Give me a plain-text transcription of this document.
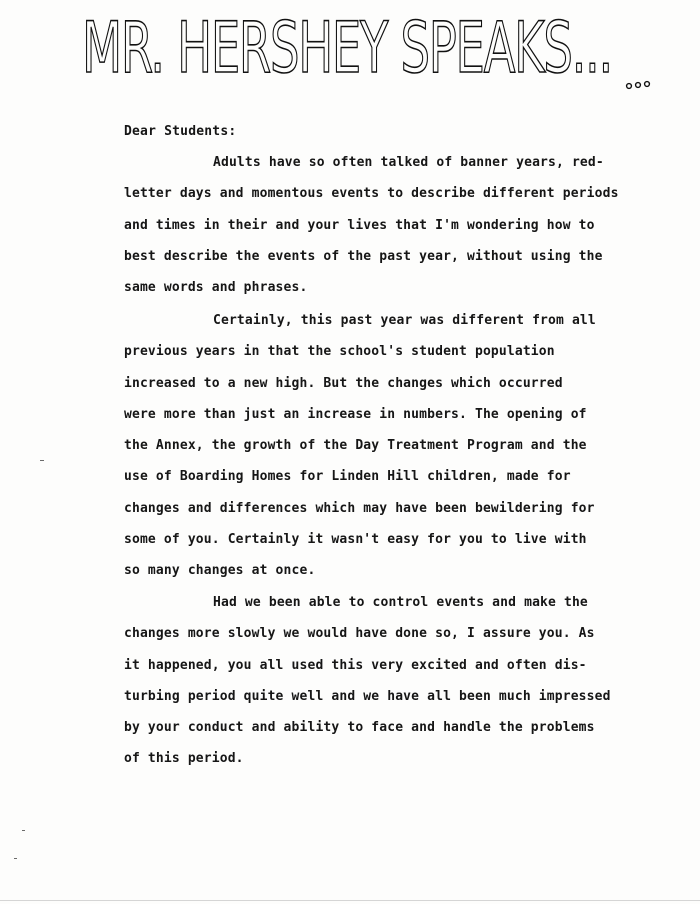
MR. HERSHEY SPEAKS...

Dear Students:

Adults have so often talked of banner years, red-
letter days and momentous events to describe different periods
and times in their and your lives that I'm wondering how to
best describe the events of the past year, without using the
same words and phrases.
Certainly, this past year was different from all
previous years in that the school's student population
increased to a new high. But the changes which occurred
were more than just an increase in numbers. The opening of
the Annex, the growth of the Day Treatment Program and the
use of Boarding Homes for Linden Hill children, made for
changes and differences which may have been bewildering for
some of you. Certainly it wasn't easy for you to live with
so many changes at once.
Had we been able to control events and make the
changes more slowly we would have done so, I assure you. As
it happened, you all used this very excited and often dis-
turbing period quite well and we have all been much impressed
by your conduct and ability to face and handle the problems
of this period.
